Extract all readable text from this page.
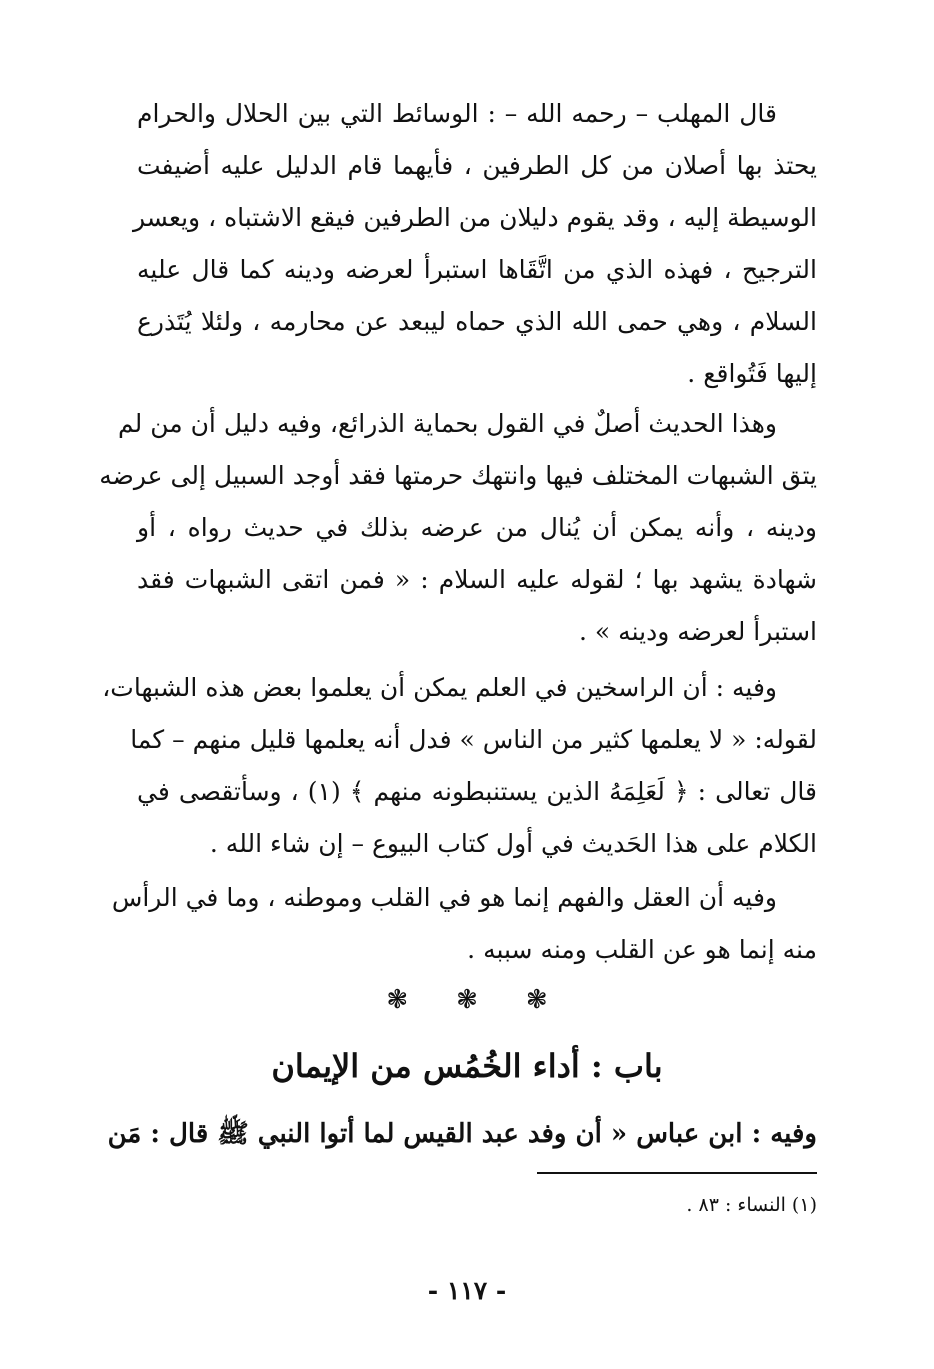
قال المهلب – رحمه الله – : الوسائط التي بين الحلال والحرام
يحتذ بها أصلان من كل الطرفين ، فأيهما قام الدليل عليه أضيفت
الوسيطة إليه ، وقد يقوم دليلان من الطرفين فيقع الاشتباه ، ويعسر
الترجيح ، فهذه الذي من اتَّقَاها استبرأ لعرضه ودينه كما قال عليه
السلام ، وهي حمى الله الذي حماه ليبعد عن محارمه ، ولئلا يُتَذرع
إليها فَتُواقع .
وهذا الحديث أصلٌ في القول بحماية الذرائع، وفيه دليل أن من لم
يتق الشبهات المختلف فيها وانتهك حرمتها فقد أوجد السبيل إلى عرضه
ودينه ، وأنه يمكن أن يُنال من عرضه بذلك في حديث رواه ، أو
شهادة يشهد بها ؛ لقوله عليه السلام : « فمن اتقى الشبهات فقد
استبرأ لعرضه ودينه » .
وفيه : أن الراسخين في العلم يمكن أن يعلموا بعض هذه الشبهات،
لقوله: « لا يعلمها كثير من الناس » فدل أنه يعلمها قليل منهم – كما
قال تعالى : ﴿ لَعَلِمَهُ الذين يستنبطونه منهم ﴾ (١) ، وسأتقصى في
الكلام على هذا الحَديث في أول كتاب البيوع – إن شاء الله .
وفيه أن العقل والفهم إنما هو في القلب وموطنه ، وما في الرأس
منه إنما هو عن القلب ومنه سببه .
❃❃❃
باب : أداء الخُمُس من الإيمان
وفيه : ابن عباس « أن وفد عبد القيس لما أتوا النبي ﷺ قال : مَن
(١) النساء : ٨٣ .
- ١١٧ -
